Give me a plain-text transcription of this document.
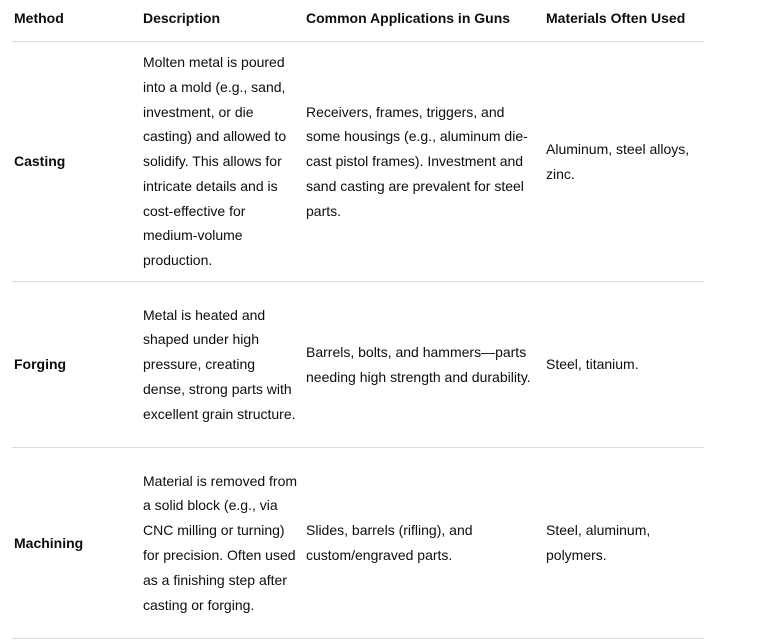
Method	Description	Common Applications in Guns	Materials Often Used
Casting	Molten metal is poured into a mold (e.g., sand, investment, or die casting) and allowed to solidify. This allows for intricate details and is cost-effective for medium-volume production.	Receivers, frames, triggers, and some housings (e.g., aluminum die-cast pistol frames). Investment and sand casting are prevalent for steel parts.	Aluminum, steel alloys, zinc.
Forging	Metal is heated and shaped under high pressure, creating dense, strong parts with excellent grain structure.	Barrels, bolts, and hammers—parts needing high strength and durability.	Steel, titanium.
Machining	Material is removed from a solid block (e.g., via CNC milling or turning) for precision. Often used as a finishing step after casting or forging.	Slides, barrels (rifling), and custom/engraved parts.	Steel, aluminum, polymers.
